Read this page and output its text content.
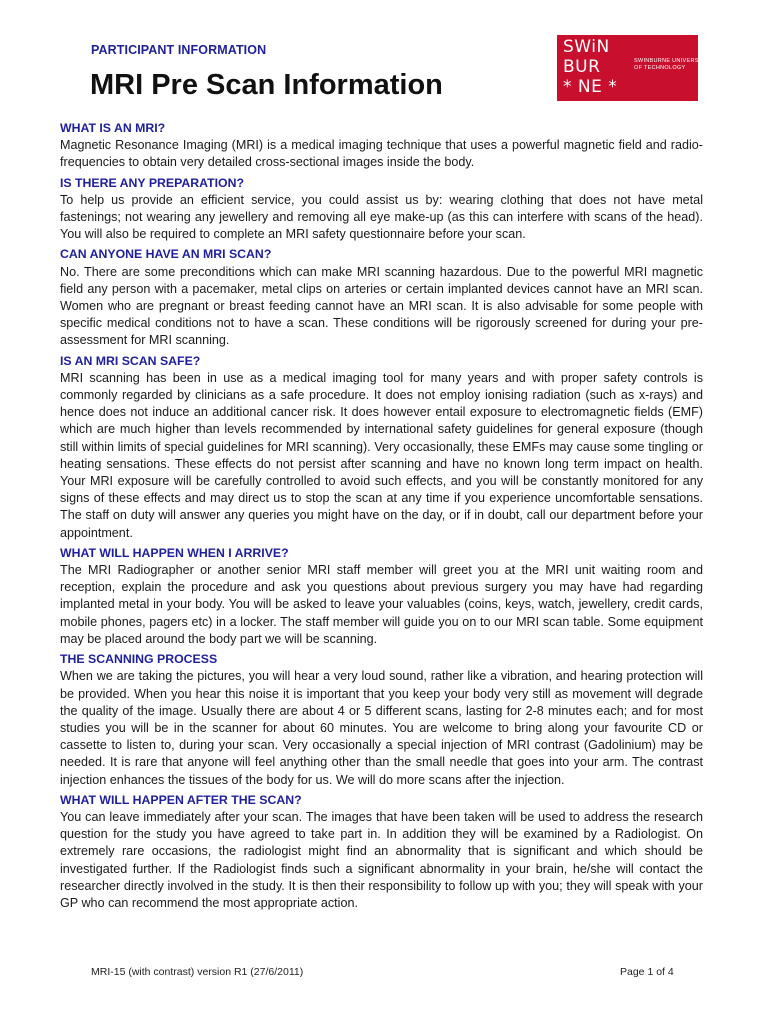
PARTICIPANT INFORMATION
MRI Pre Scan Information
SWiN
BUR
* NE *
SWINBURNE UNIVERSITY
OF TECHNOLOGY
WHAT IS AN MRI?

Magnetic Resonance Imaging (MRI) is a medical imaging technique that uses a powerful magnetic field and radio-frequencies to obtain very detailed cross-sectional images inside the body.

IS THERE ANY PREPARATION?

To help us provide an efficient service, you could assist us by: wearing clothing that does not have metal fastenings; not wearing any jewellery and removing all eye make-up (as this can interfere with scans of the head). You will also be required to complete an MRI safety questionnaire before your scan.

CAN ANYONE HAVE AN MRI SCAN?

No. There are some preconditions which can make MRI scanning hazardous. Due to the powerful MRI magnetic field any person with a pacemaker, metal clips on arteries or certain implanted devices cannot have an MRI scan. Women who are pregnant or breast feeding cannot have an MRI scan. It is also advisable for some people with specific medical conditions not to have a scan. These conditions will be rigorously screened for during your pre-assessment for MRI scanning.

IS AN MRI SCAN SAFE?

MRI scanning has been in use as a medical imaging tool for many years and with proper safety controls is commonly regarded by clinicians as a safe procedure. It does not employ ionising radiation (such as x-rays) and hence does not induce an additional cancer risk. It does however entail exposure to electromagnetic fields (EMF) which are much higher than levels recommended by international safety guidelines for general exposure (though still within limits of special guidelines for MRI scanning). Very occasionally, these EMFs may cause some tingling or heating sensations. These effects do not persist after scanning and have no known long term impact on health. Your MRI exposure will be carefully controlled to avoid such effects, and you will be constantly monitored for any signs of these effects and may direct us to stop the scan at any time if you experience uncomfortable sensations. The staff on duty will answer any queries you might have on the day, or if in doubt, call our department before your appointment.

WHAT WILL HAPPEN WHEN I ARRIVE?

The MRI Radiographer or another senior MRI staff member will greet you at the MRI unit waiting room and reception, explain the procedure and ask you questions about previous surgery you may have had regarding implanted metal in your body. You will be asked to leave your valuables (coins, keys, watch, jewellery, credit cards, mobile phones, pagers etc) in a locker. The staff member will guide you on to our MRI scan table. Some equipment may be placed around the body part we will be scanning.

THE SCANNING PROCESS

When we are taking the pictures, you will hear a very loud sound, rather like a vibration, and hearing protection will be provided. When you hear this noise it is important that you keep your body very still as movement will degrade the quality of the image. Usually there are about 4 or 5 different scans, lasting for 2-8 minutes each; and for most studies you will be in the scanner for about 60 minutes. You are welcome to bring along your favourite CD or cassette to listen to, during your scan. Very occasionally a special injection of MRI contrast (Gadolinium) may be needed. It is rare that anyone will feel anything other than the small needle that goes into your arm. The contrast injection enhances the tissues of the body for us. We will do more scans after the injection.

WHAT WILL HAPPEN AFTER THE SCAN?

You can leave immediately after your scan. The images that have been taken will be used to address the research question for the study you have agreed to take part in. In addition they will be examined by a Radiologist. On extremely rare occasions, the radiologist might find an abnormality that is significant and which should be investigated further. If the Radiologist finds such a significant abnormality in your brain, he/she will contact the researcher directly involved in the study. It is then their responsibility to follow up with you; they will speak with your GP who can recommend the most appropriate action.

MRI-15 (with contrast) version R1 (27/6/2011)	Page 1 of 4
